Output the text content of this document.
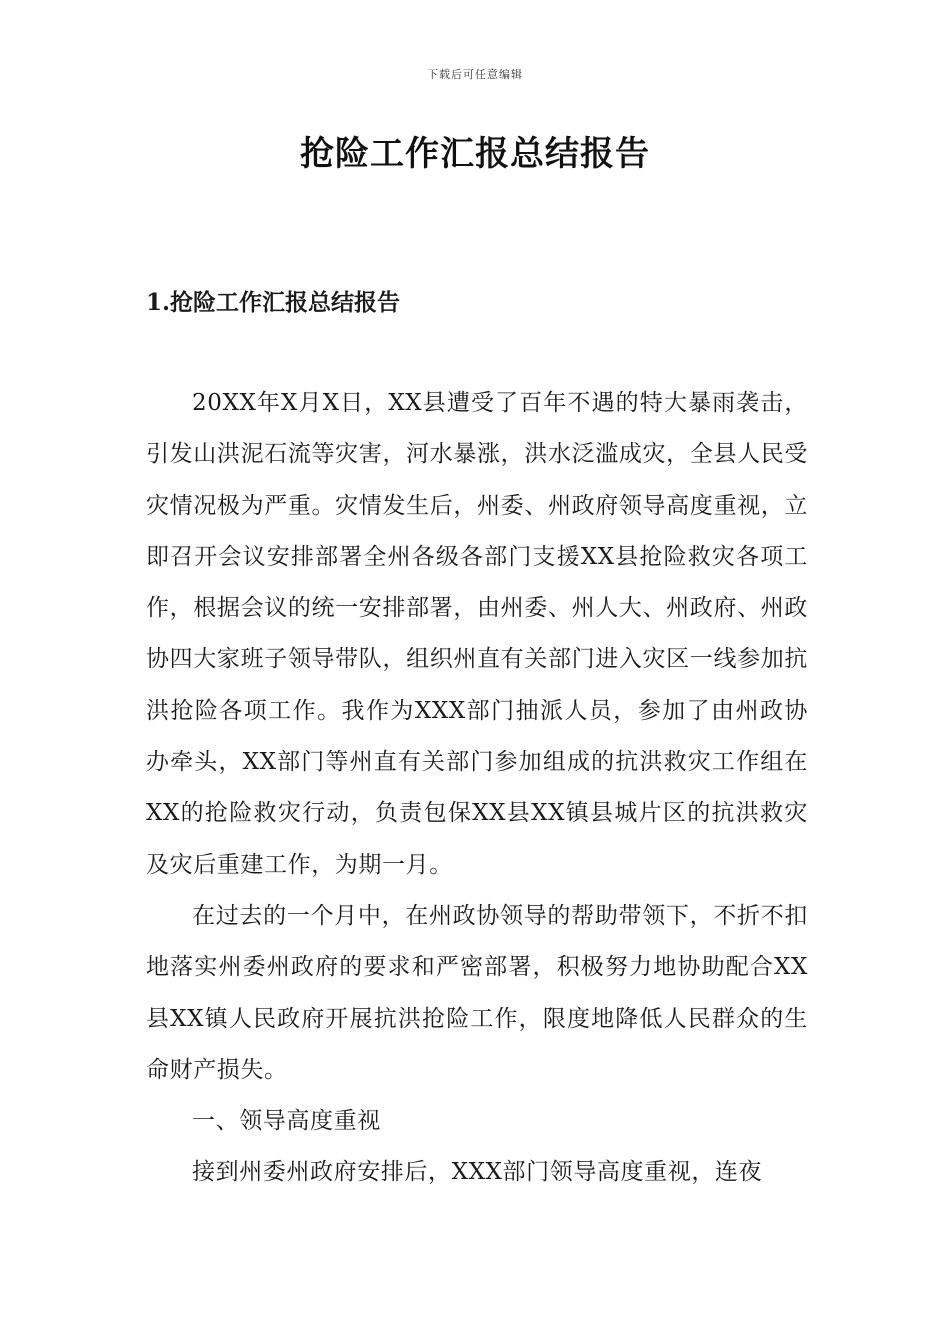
下载后可任意编辑
抢险工作汇报总结报告
1.抢险工作汇报总结报告

20XX年X月X日，XX县遭受了百年不遇的特大暴雨袭击，引发山洪泥石流等灾害，河水暴涨，洪水泛滥成灾，全县人民受灾情况极为严重。灾情发生后，州委、州政府领导高度重视，立即召开会议安排部署全州各级各部门支援XX县抢险救灾各项工作，根据会议的统一安排部署，由州委、州人大、州政府、州政协四大家班子领导带队，组织州直有关部门进入灾区一线参加抗洪抢险各项工作。我作为XXX部门抽派人员，参加了由州政协办牵头，XX部门等州直有关部门参加组成的抗洪救灾工作组在XX的抢险救灾行动，负责包保XX县XX镇县城片区的抗洪救灾及灾后重建工作，为期一月。

在过去的一个月中，在州政协领导的帮助带领下，不折不扣地落实州委州政府的要求和严密部署，积极努力地协助配合XX县XX镇人民政府开展抗洪抢险工作，限度地降低人民群众的生命财产损失。

一、领导高度重视

接到州委州政府安排后，XXX部门领导高度重视，连夜
